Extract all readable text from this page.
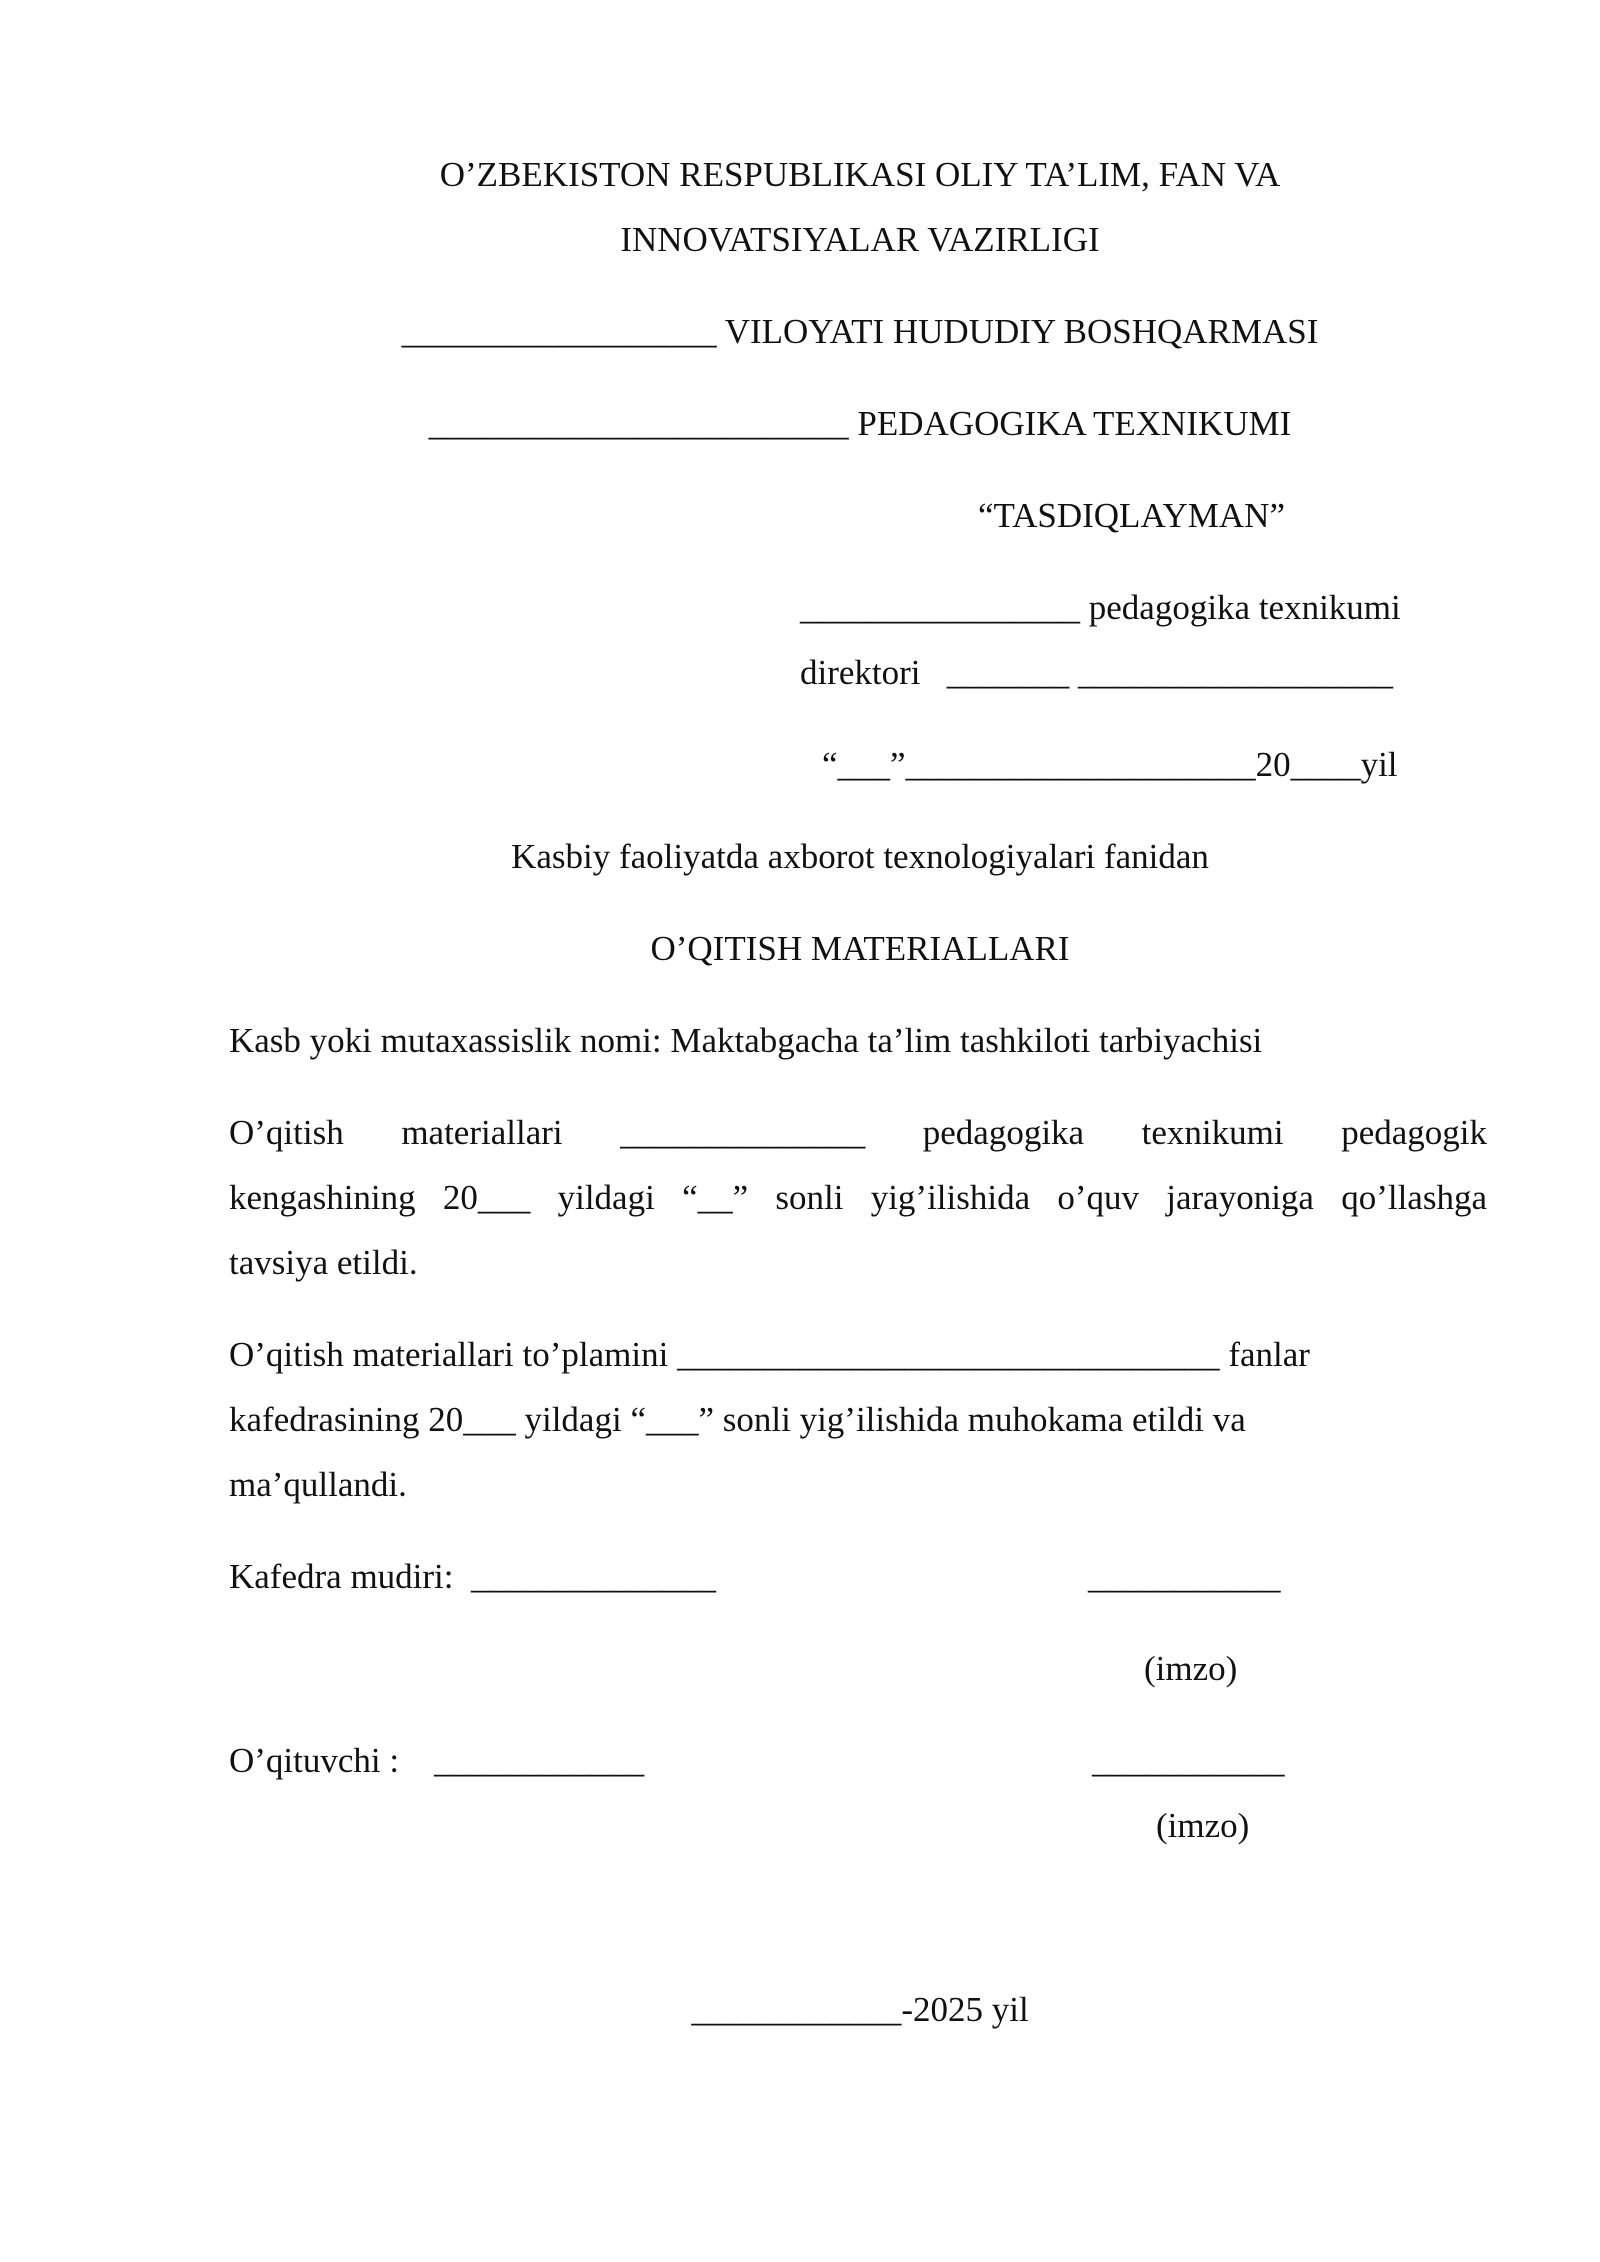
O’ZBEKISTON RESPUBLIKASI OLIY TA’LIM, FAN VA
INNOVATSIYALAR VAZIRLIGI
__________________ VILOYATI HUDUDIY BOSHQARMASI
________________________ PEDAGOGIKA TEXNIKUMI
“TASDIQLAYMAN”
________________ pedagogika texnikumi
direktori   _______ __________________
“___”____________________20____yil
Kasbiy faoliyatda axborot texnologiyalari fanidan
O’QITISH MATERIALLARI
Kasb yoki mutaxassislik nomi: Maktabgacha ta’lim tashkiloti tarbiyachisi
O’qitish materiallari ______________ pedagogika texnikumi pedagogik
kengashining 20___ yildagi “__” sonli yig’ilishida o’quv jarayoniga qo’llashga
tavsiya etildi.
O’qitish materiallari to’plamini _______________________________ fanlar
kafedrasining 20___ yildagi “___” sonli yig’ilishida muhokama etildi va
ma’qullandi.
Kafedra mudiri:  ______________	___________
(imzo)
O’qituvchi :    ____________	___________
(imzo)
____________-2025 yil
